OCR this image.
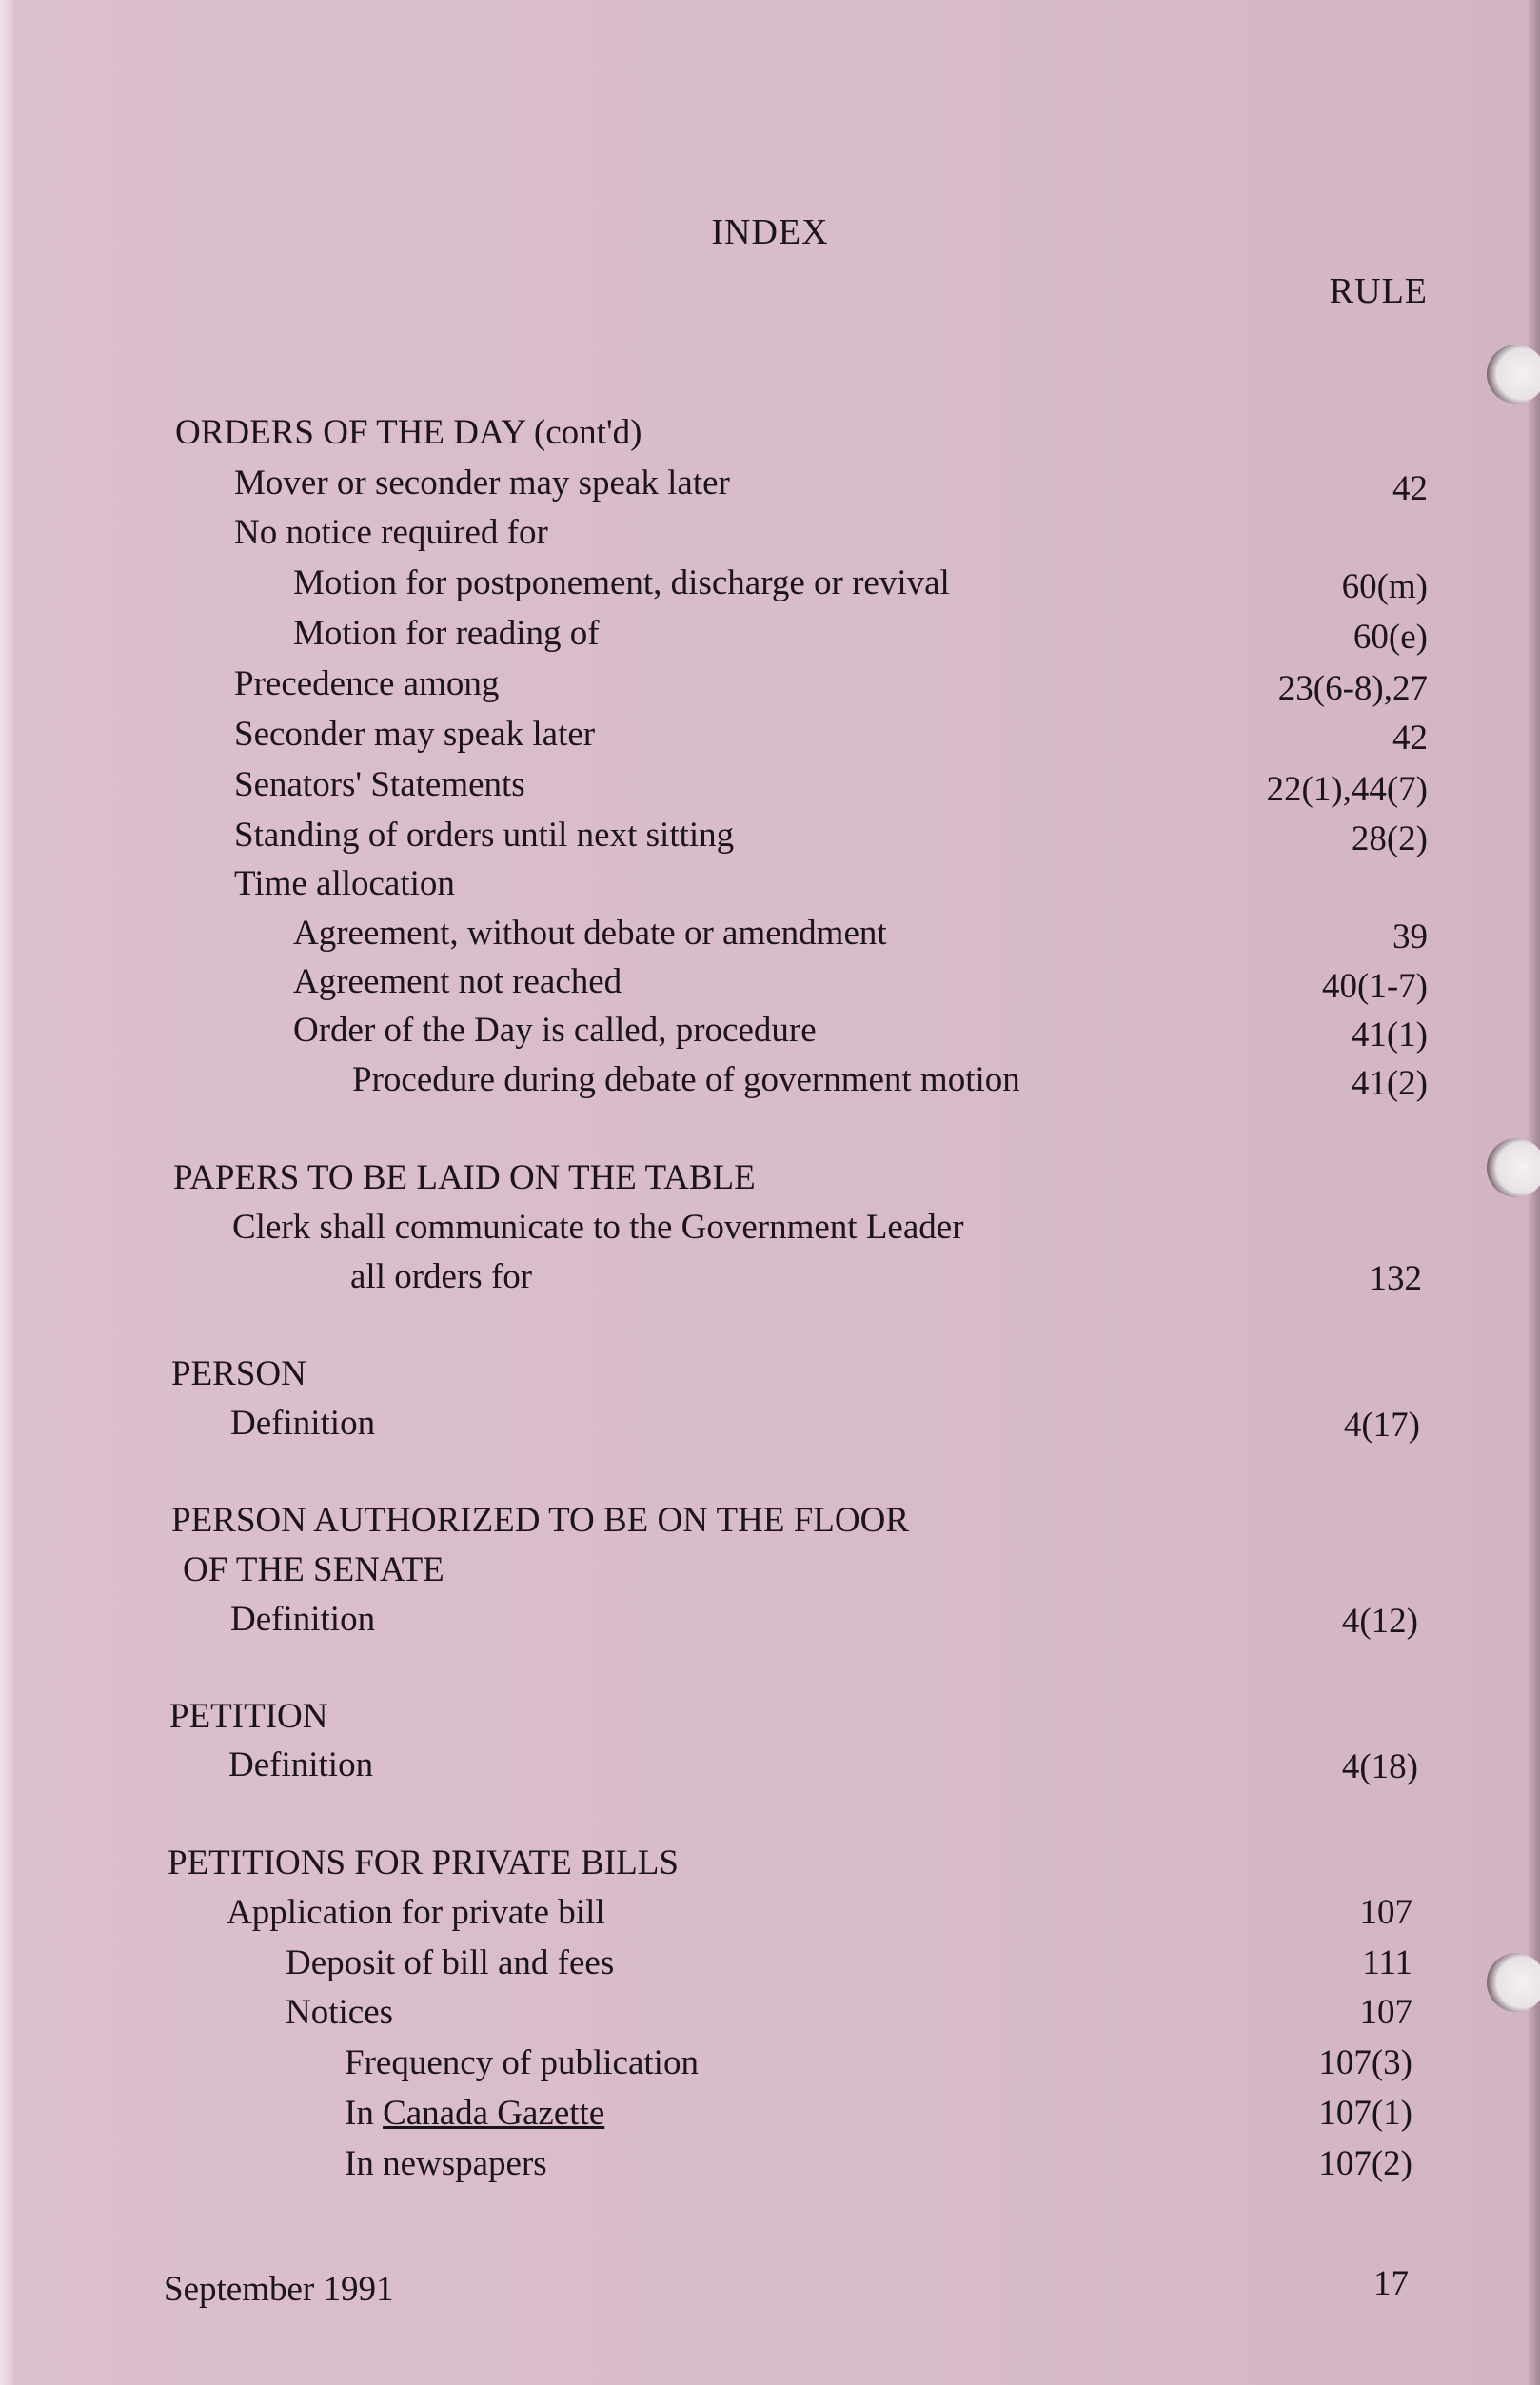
INDEX
RULE
ORDERS OF THE DAY (cont'd)
Mover or seconder may speak later	42
No notice required for
Motion for postponement, discharge or revival	60(m)
Motion for reading of	60(e)
Precedence among	23(6-8),27
Seconder may speak later	42
Senators' Statements	22(1),44(7)
Standing of orders until next sitting	28(2)
Time allocation
Agreement, without debate or amendment	39
Agreement not reached	40(1-7)
Order of the Day is called, procedure	41(1)
Procedure during debate of government motion	41(2)
PAPERS TO BE LAID ON THE TABLE
Clerk shall communicate to the Government Leader
all orders for	132
PERSON
Definition	4(17)
PERSON AUTHORIZED TO BE ON THE FLOOR
OF THE SENATE
Definition	4(12)
PETITION
Definition	4(18)
PETITIONS FOR PRIVATE BILLS
Application for private bill	107
Deposit of bill and fees	111
Notices	107
Frequency of publication	107(3)
In Canada Gazette	107(1)
In newspapers	107(2)
September 1991	17
